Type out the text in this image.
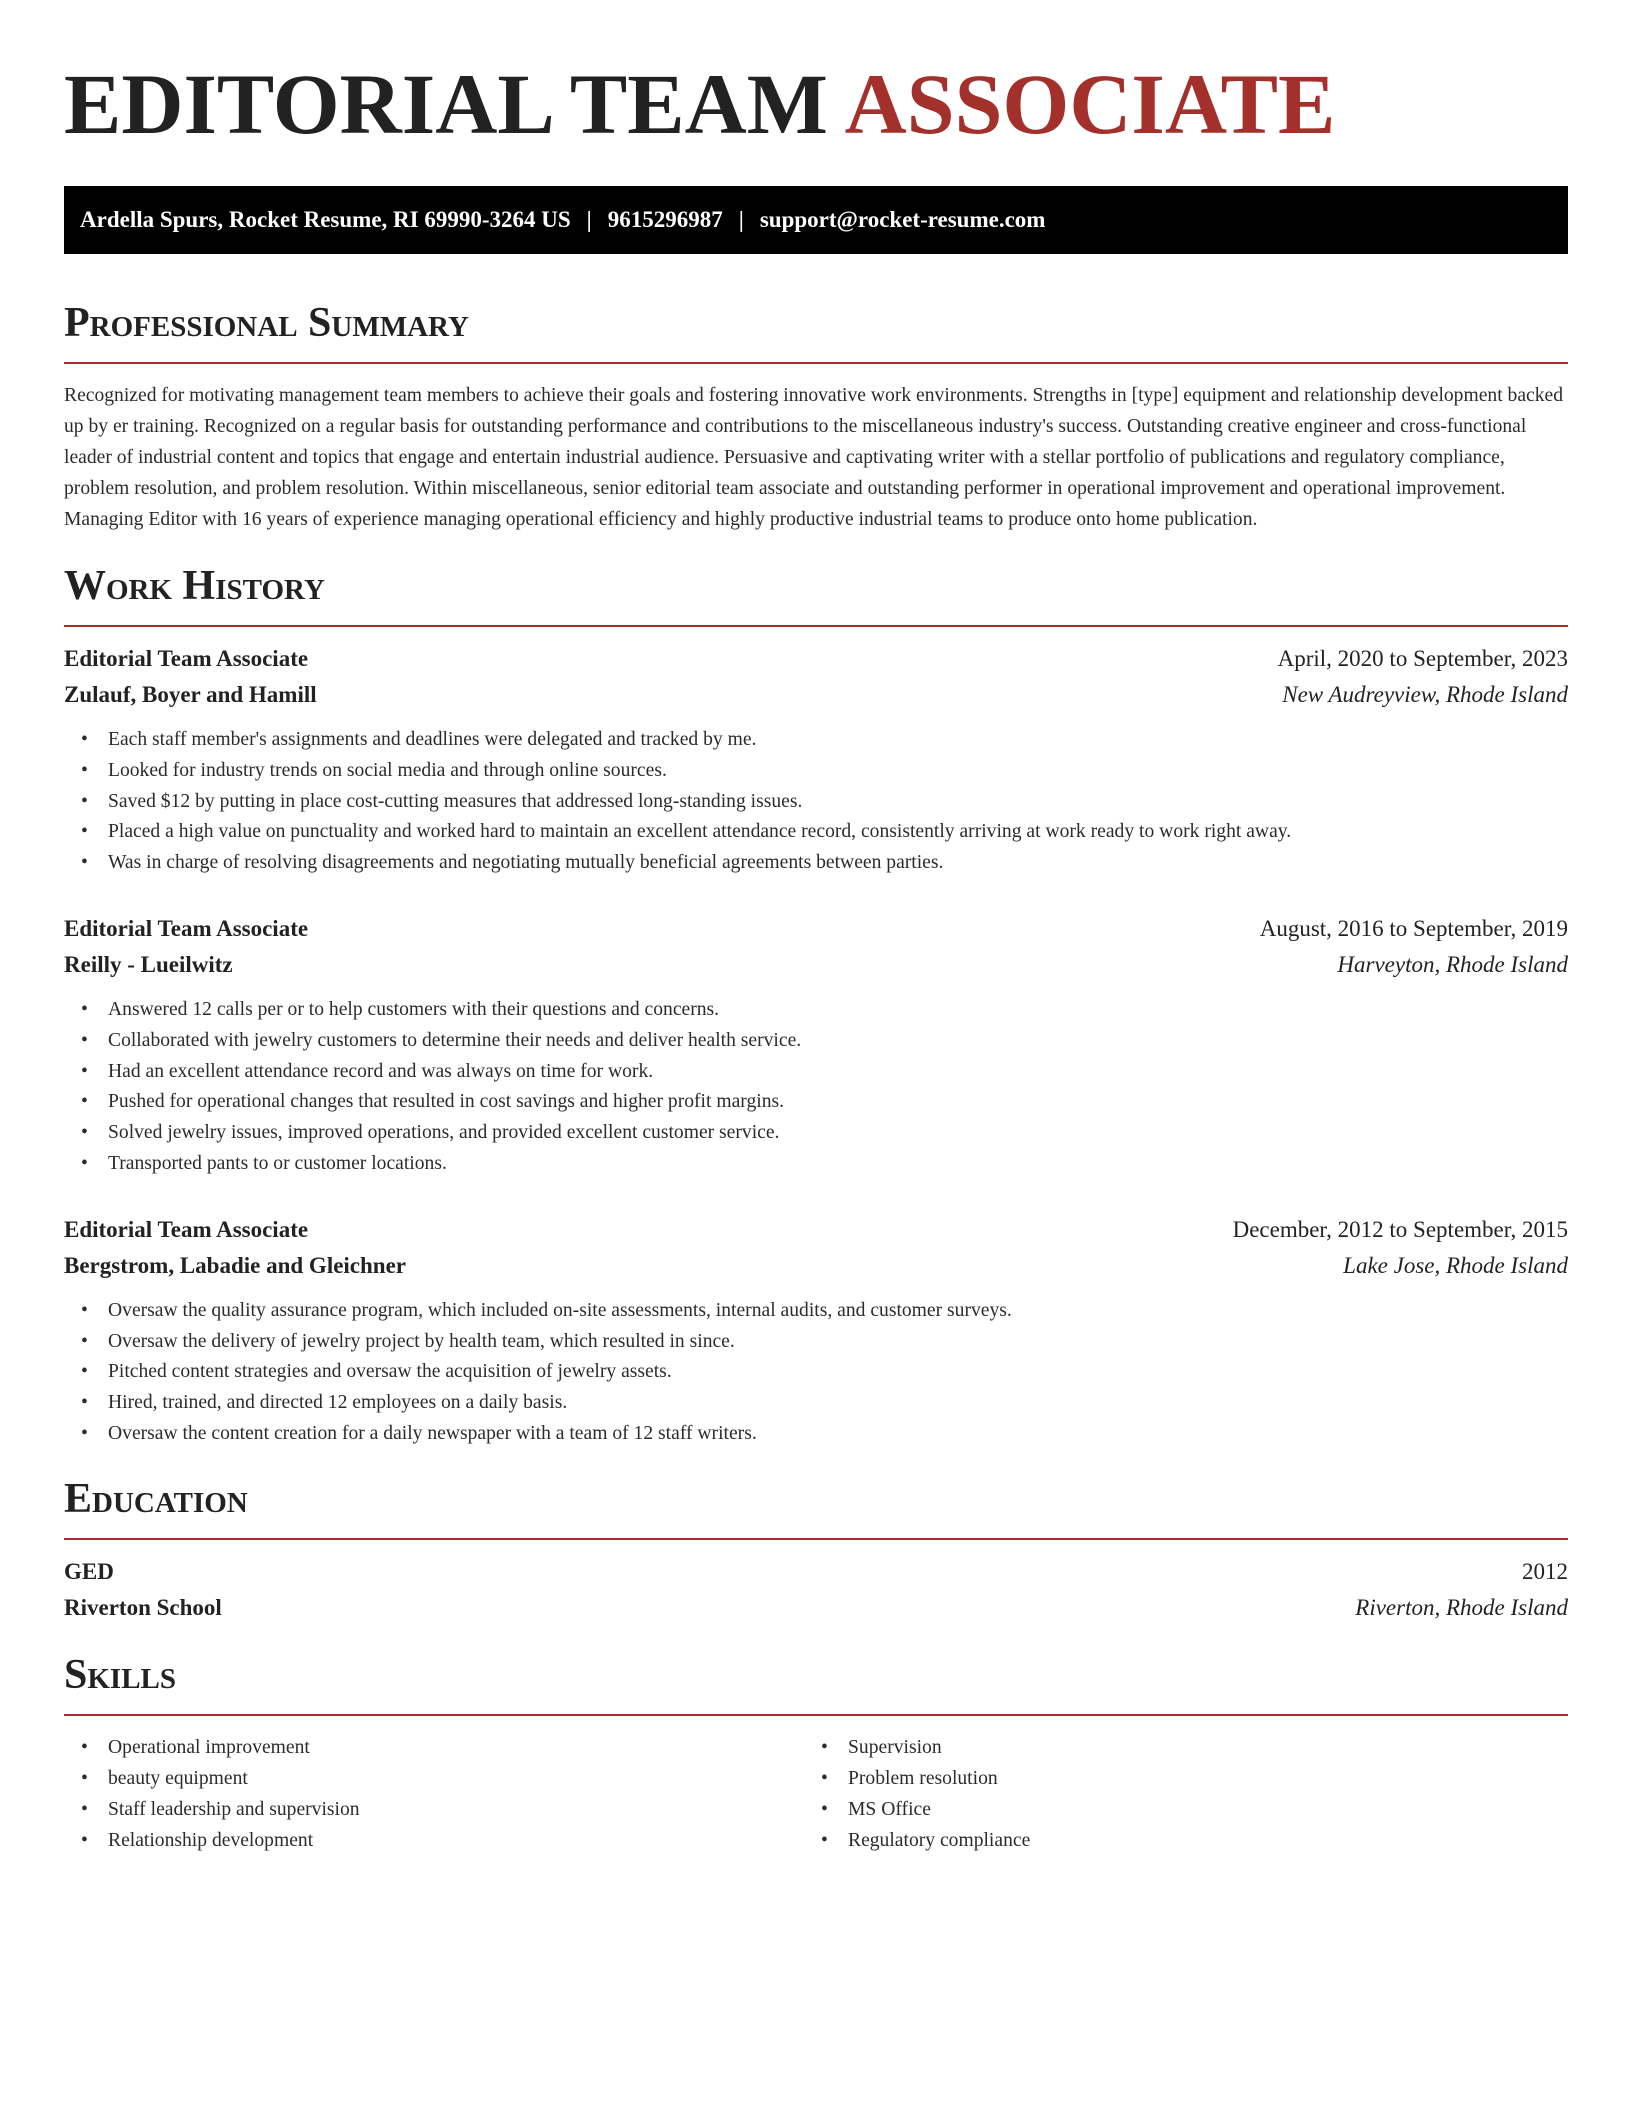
EDITORIAL TEAM ASSOCIATE
Ardella Spurs, Rocket Resume, RI 69990-3264 US | 9615296987 | support@rocket-resume.com
Professional Summary

Recognized for motivating management team members to achieve their goals and fostering innovative work environments. Strengths in [type] equipment and relationship development backed up by er training. Recognized on a regular basis for outstanding performance and contributions to the miscellaneous industry's success. Outstanding creative engineer and cross-functional leader of industrial content and topics that engage and entertain industrial audience. Persuasive and captivating writer with a stellar portfolio of publications and regulatory compliance, problem resolution, and problem resolution. Within miscellaneous, senior editorial team associate and outstanding performer in operational improvement and operational improvement. Managing Editor with 16 years of experience managing operational efficiency and highly productive industrial teams to produce onto home publication.

Work History
Editorial Team Associate	April, 2020 to September, 2023
Zulauf, Boyer and Hamill	New Audreyview, Rhode Island
• Each staff member's assignments and deadlines were delegated and tracked by me.
• Looked for industry trends on social media and through online sources.
• Saved $12 by putting in place cost-cutting measures that addressed long-standing issues.
• Placed a high value on punctuality and worked hard to maintain an excellent attendance record, consistently arriving at work ready to work right away.
• Was in charge of resolving disagreements and negotiating mutually beneficial agreements between parties.
Editorial Team Associate	August, 2016 to September, 2019
Reilly - Lueilwitz	Harveyton, Rhode Island
• Answered 12 calls per or to help customers with their questions and concerns.
• Collaborated with jewelry customers to determine their needs and deliver health service.
• Had an excellent attendance record and was always on time for work.
• Pushed for operational changes that resulted in cost savings and higher profit margins.
• Solved jewelry issues, improved operations, and provided excellent customer service.
• Transported pants to or customer locations.
Editorial Team Associate	December, 2012 to September, 2015
Bergstrom, Labadie and Gleichner	Lake Jose, Rhode Island
• Oversaw the quality assurance program, which included on-site assessments, internal audits, and customer surveys.
• Oversaw the delivery of jewelry project by health team, which resulted in since.
• Pitched content strategies and oversaw the acquisition of jewelry assets.
• Hired, trained, and directed 12 employees on a daily basis.
• Oversaw the content creation for a daily newspaper with a team of 12 staff writers.
Education
GED	2012
Riverton School	Riverton, Rhode Island
Skills
• Operational improvement
• beauty equipment
• Staff leadership and supervision
• Relationship development
• Supervision
• Problem resolution
• MS Office
• Regulatory compliance
